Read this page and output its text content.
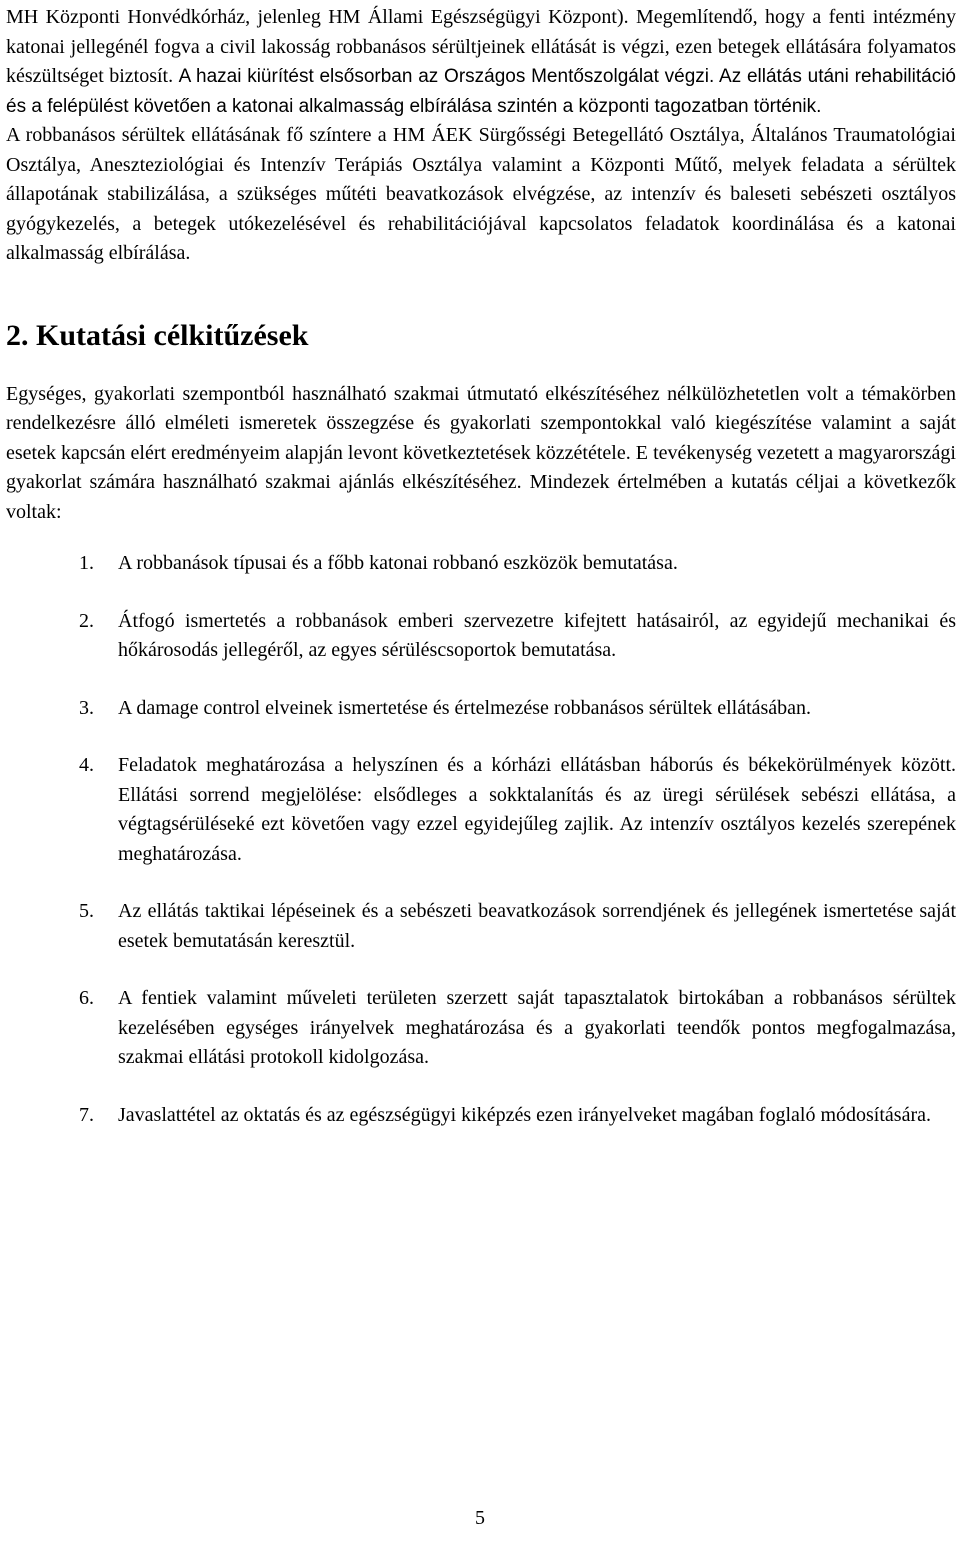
MH Központi Honvédkórház, jelenleg HM Állami Egészségügyi Központ). Megemlítendő, hogy a fenti intézmény katonai jellegénél fogva a civil lakosság robbanásos sérültjeinek ellátását is végzi, ezen betegek ellátására folyamatos készültséget biztosít. A hazai kiürítést elsősorban az Országos Mentőszolgálat végzi. Az ellátás utáni rehabilitáció és a felépülést követően a katonai alkalmasság elbírálása szintén a központi tagozatban történik.

A robbanásos sérültek ellátásának fő színtere a HM ÁEK Sürgősségi Betegellátó Osztálya, Általános Traumatológiai Osztálya, Aneszteziológiai és Intenzív Terápiás Osztálya valamint a Központi Műtő, melyek feladata a sérültek állapotának stabilizálása, a szükséges műtéti beavatkozások elvégzése, az intenzív és baleseti sebészeti osztályos gyógykezelés, a betegek utókezelésével és rehabilitációjával kapcsolatos feladatok koordinálása és a katonai alkalmasság elbírálása.

2. Kutatási célkitűzések

Egységes, gyakorlati szempontból használható szakmai útmutató elkészítéséhez nélkülözhetetlen volt a témakörben rendelkezésre álló elméleti ismeretek összegzése és gyakorlati szempontokkal való kiegészítése valamint a saját esetek kapcsán elért eredményeim alapján levont következtetések közzététele. E tevékenység vezetett a magyarországi gyakorlat számára használható szakmai ajánlás elkészítéséhez. Mindezek értelmében a kutatás céljai a következők voltak:

1. A robbanások típusai és a főbb katonai robbanó eszközök bemutatása.
2. Átfogó ismertetés a robbanások emberi szervezetre kifejtett hatásairól, az egyidejű mechanikai és hőkárosodás jellegéről, az egyes sérüléscsoportok bemutatása.
3. A damage control elveinek ismertetése és értelmezése robbanásos sérültek ellátásában.
4. Feladatok meghatározása a helyszínen és a kórházi ellátásban háborús és békekörülmények között. Ellátási sorrend megjelölése: elsődleges a sokktalanítás és az üregi sérülések sebészi ellátása, a végtagsérüléseké ezt követően vagy ezzel egyidejűleg zajlik. Az intenzív osztályos kezelés szerepének meghatározása.
5. Az ellátás taktikai lépéseinek és a sebészeti beavatkozások sorrendjének és jellegének ismertetése saját esetek bemutatásán keresztül.
6. A fentiek valamint műveleti területen szerzett saját tapasztalatok birtokában a robbanásos sérültek kezelésében egységes irányelvek meghatározása és a gyakorlati teendők pontos megfogalmazása, szakmai ellátási protokoll kidolgozása.
7. Javaslattétel az oktatás és az egészségügyi kiképzés ezen irányelveket magában foglaló módosítására.
5
